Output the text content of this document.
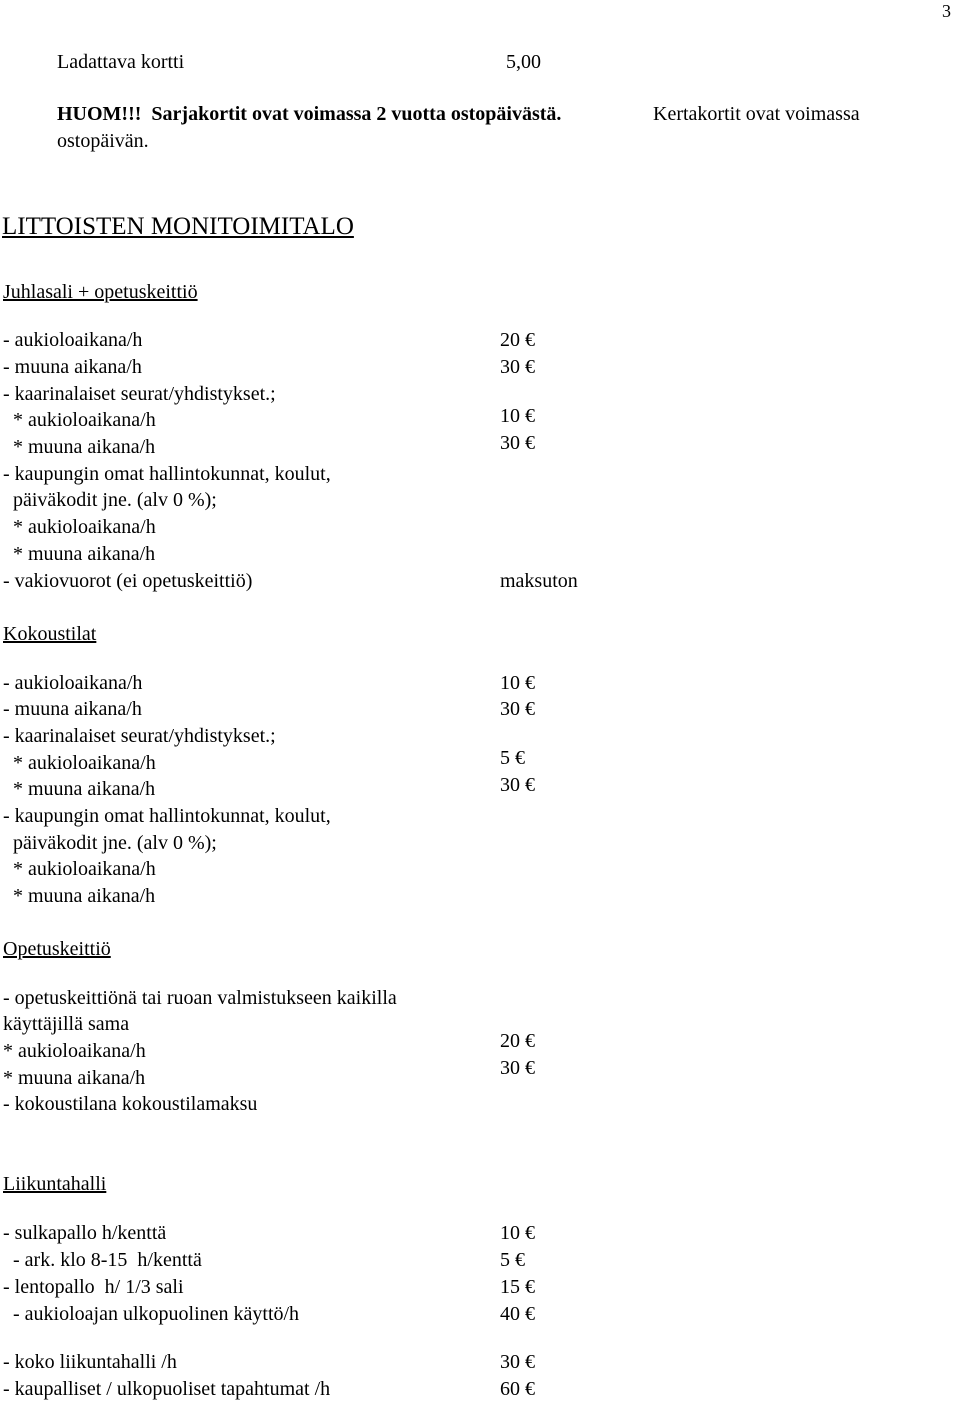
3
Ladattava kortti	5,00
HUOM!!!  Sarjakortit ovat voimassa 2 vuotta ostopäivästä.	Kertakortit ovat voimassa
ostopäivän.
LITTOISTEN MONITOIMITALO
Juhlasali + opetuskeittiö
- aukioloaikana/h	20 €
- muuna aikana/h	30 €
- kaarinalaiset seurat/yhdistykset.;
* aukioloaikana/h	10 €
* muuna aikana/h	30 €
- kaupungin omat hallintokunnat, koulut,
päiväkodit jne. (alv 0 %);
* aukioloaikana/h
* muuna aikana/h
- vakiovuorot (ei opetuskeittiö)	maksuton
Kokoustilat
- aukioloaikana/h	10 €
- muuna aikana/h	30 €
- kaarinalaiset seurat/yhdistykset.;
* aukioloaikana/h	5 €
* muuna aikana/h	30 €
- kaupungin omat hallintokunnat, koulut,
päiväkodit jne. (alv 0 %);
* aukioloaikana/h
* muuna aikana/h
Opetuskeittiö
- opetuskeittiönä tai ruoan valmistukseen kaikilla
käyttäjillä sama
* aukioloaikana/h	20 €
* muuna aikana/h	30 €
- kokoustilana kokoustilamaksu
Liikuntahalli
- sulkapallo h/kenttä	10 €
- ark. klo 8-15  h/kenttä	5 €
- lentopallo  h/ 1/3 sali	15 €
- aukioloajan ulkopuolinen käyttö/h	40 €
- koko liikuntahalli /h	30 €
- kaupalliset / ulkopuoliset tapahtumat /h	60 €
